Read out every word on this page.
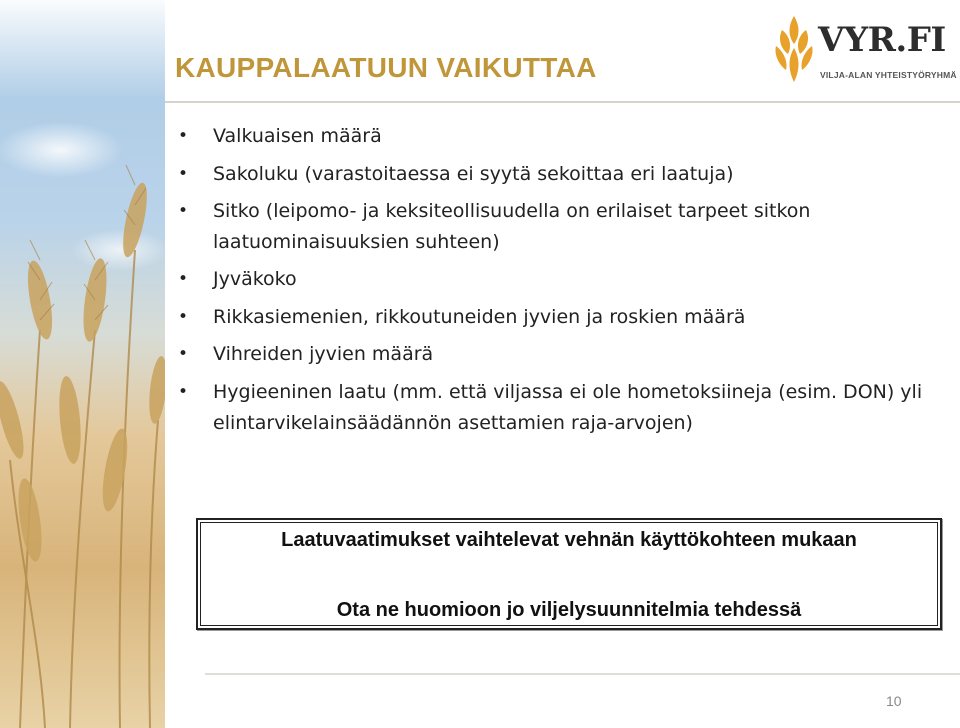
KAUPPALAATUUN VAIKUTTAA
VYR.FI
VILJA-ALAN YHTEISTYÖRYHMÄ
• Valkuaisen määrä
• Sakoluku (varastoitaessa ei syytä sekoittaa eri laatuja)
• Sitko (leipomo- ja keksiteollisuudella on erilaiset tarpeet sitkon laatuominaisuuksien suhteen)
• Jyväkoko
• Rikkasiemenien, rikkoutuneiden jyvien ja roskien määrä
• Vihreiden jyvien määrä
• Hygieeninen laatu (mm. että viljassa ei ole hometoksiineja (esim. DON) yli elintarvikelainsäädännön asettamien raja-arvojen)
Laatuvaatimukset vaihtelevat vehnän käyttökohteen mukaan
Ota ne huomioon jo viljelysuunnitelmia tehdessä
10
